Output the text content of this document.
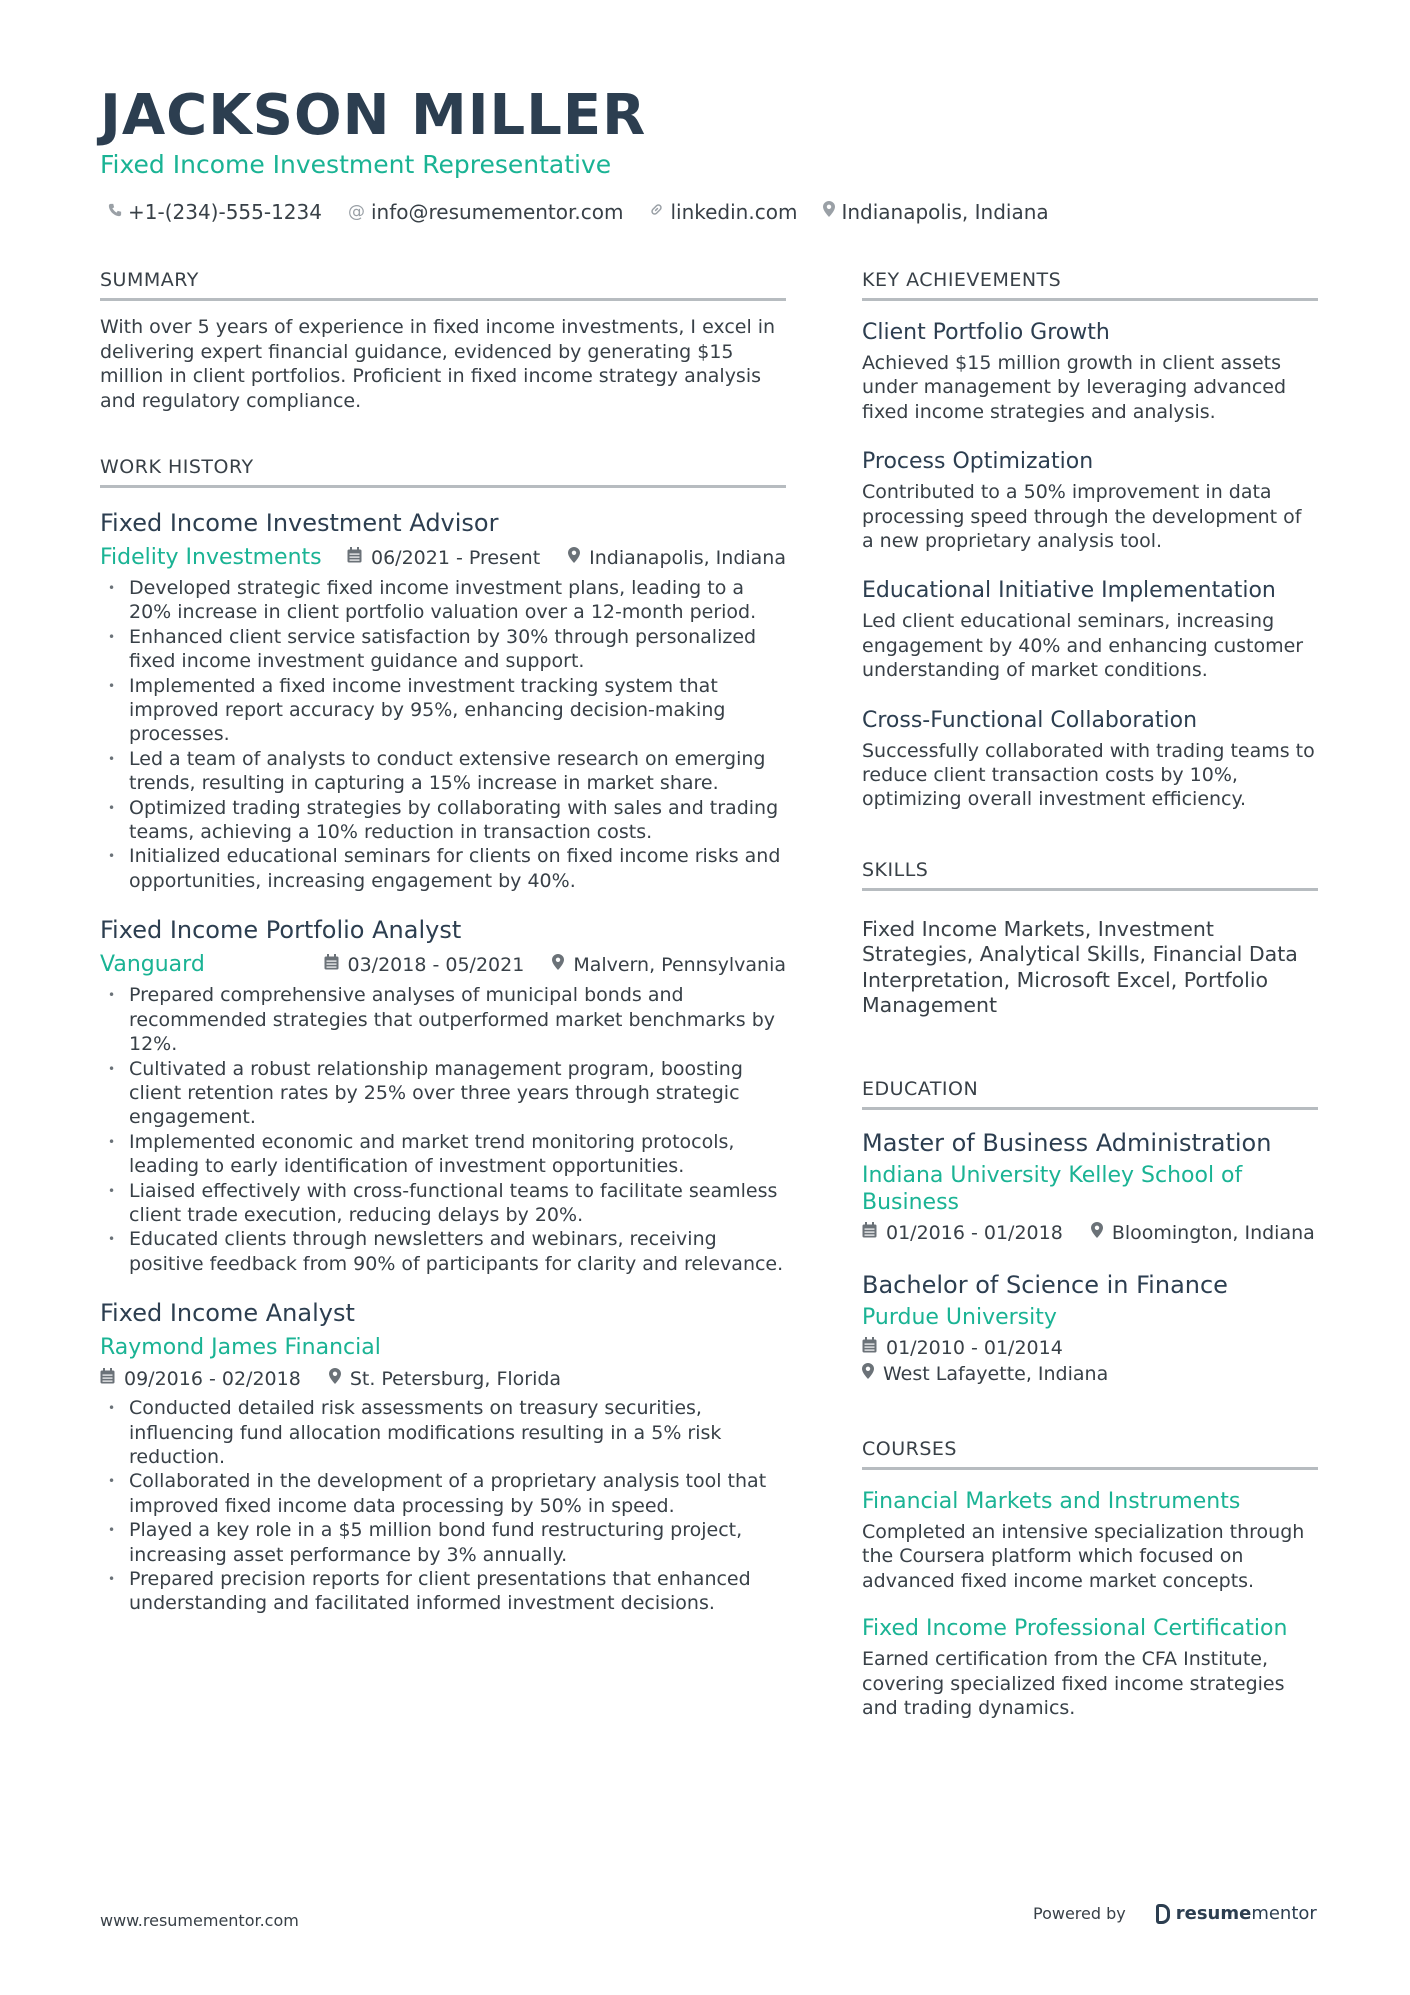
JACKSON MILLER
Fixed Income Investment Representative
+1-(234)-555-1234 @ info@resumementor.com linkedin.com Indianapolis, Indiana
SUMMARY
With over 5 years of experience in fixed income investments, I excel in delivering expert financial guidance, evidenced by generating $15 million in client portfolios. Proficient in fixed income strategy analysis and regulatory compliance.
WORK HISTORY
Fixed Income Investment Advisor
Fidelity Investments	06/2021 - Present	Indianapolis, Indiana
• Developed strategic fixed income investment plans, leading to a 20% increase in client portfolio valuation over a 12-month period.
• Enhanced client service satisfaction by 30% through personalized fixed income investment guidance and support.
• Implemented a fixed income investment tracking system that improved report accuracy by 95%, enhancing decision-making processes.
• Led a team of analysts to conduct extensive research on emerging trends, resulting in capturing a 15% increase in market share.
• Optimized trading strategies by collaborating with sales and trading teams, achieving a 10% reduction in transaction costs.
• Initialized educational seminars for clients on fixed income risks and opportunities, increasing engagement by 40%.
Fixed Income Portfolio Analyst
Vanguard	03/2018 - 05/2021	Malvern, Pennsylvania
• Prepared comprehensive analyses of municipal bonds and recommended strategies that outperformed market benchmarks by 12%.
• Cultivated a robust relationship management program, boosting client retention rates by 25% over three years through strategic engagement.
• Implemented economic and market trend monitoring protocols, leading to early identification of investment opportunities.
• Liaised effectively with cross-functional teams to facilitate seamless client trade execution, reducing delays by 20%.
• Educated clients through newsletters and webinars, receiving positive feedback from 90% of participants for clarity and relevance.
Fixed Income Analyst
Raymond James Financial
09/2016 - 02/2018	St. Petersburg, Florida
• Conducted detailed risk assessments on treasury securities, influencing fund allocation modifications resulting in a 5% risk reduction.
• Collaborated in the development of a proprietary analysis tool that improved fixed income data processing by 50% in speed.
• Played a key role in a $5 million bond fund restructuring project, increasing asset performance by 3% annually.
• Prepared precision reports for client presentations that enhanced understanding and facilitated informed investment decisions.
KEY ACHIEVEMENTS
Client Portfolio Growth
Achieved $15 million growth in client assets under management by leveraging advanced fixed income strategies and analysis.
Process Optimization
Contributed to a 50% improvement in data processing speed through the development of a new proprietary analysis tool.
Educational Initiative Implementation
Led client educational seminars, increasing engagement by 40% and enhancing customer understanding of market conditions.
Cross-Functional Collaboration
Successfully collaborated with trading teams to reduce client transaction costs by 10%, optimizing overall investment efficiency.
SKILLS
Fixed Income Markets, Investment Strategies, Analytical Skills, Financial Data Interpretation, Microsoft Excel, Portfolio Management
EDUCATION
Master of Business Administration
Indiana University Kelley School of Business
01/2016 - 01/2018	Bloomington, Indiana
Bachelor of Science in Finance
Purdue University
01/2010 - 01/2014
West Lafayette, Indiana
COURSES
Financial Markets and Instruments
Completed an intensive specialization through the Coursera platform which focused on advanced fixed income market concepts.
Fixed Income Professional Certification
Earned certification from the CFA Institute, covering specialized fixed income strategies and trading dynamics.
www.resumementor.com	Powered by	resume mentor
